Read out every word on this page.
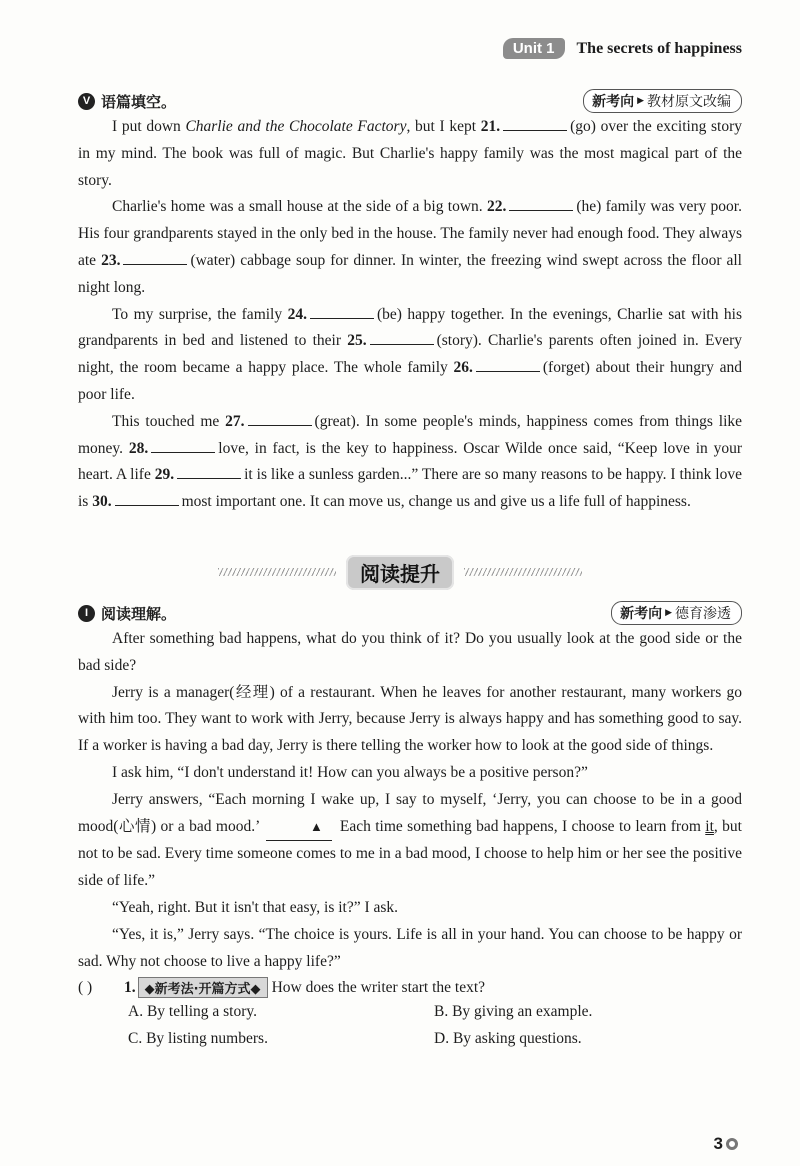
Unit 1	The secrets of happiness
V 语篇填空。	新考向 ▶ 教材原文改编

I put down Charlie and the Chocolate Factory, but I kept 21.	(go) over the exciting story in my mind. The book was full of magic. But Charlie's happy family was the most magical part of the story.

Charlie's home was a small house at the side of a big town. 22.	(he) family was very poor. His four grandparents stayed in the only bed in the house. The family never had enough food. They always ate 23.	(water) cabbage soup for dinner. In winter, the freezing wind swept across the floor all night long.

To my surprise, the family 24.	(be) happy together. In the evenings, Charlie sat with his grandparents in bed and listened to their 25.	(story). Charlie's parents often joined in. Every night, the room became a happy place. The whole family 26.	(forget) about their hungry and poor life.

This touched me 27.	(great). In some people's minds, happiness comes from things like money. 28.	love, in fact, is the key to happiness. Oscar Wilde once said, “Keep love in your heart. A life 29.	it is like a sunless garden...” There are so many reasons to be happy. I think love is 30.	most important one. It can move us, change us and give us a life full of happiness.

阅读提升
I 阅读理解。	新考向 ▶ 德育渗透

After something bad happens, what do you think of it? Do you usually look at the good side or the bad side?

Jerry is a manager(经理) of a restaurant. When he leaves for another restaurant, many workers go with him too. They want to work with Jerry, because Jerry is always happy and has something good to say. If a worker is having a bad day, Jerry is there telling the worker how to look at the good side of things.

I ask him, “I don't understand it! How can you always be a positive person?”

Jerry answers, “Each morning I wake up, I say to myself, ‘Jerry, you can choose to be in a good mood(心情) or a bad mood.’	▲ Each time something bad happens, I choose to learn from it, but not to be sad. Every time someone comes to me in a bad mood, I choose to help him or her see the positive side of life.”

“Yeah, right. But it isn't that easy, is it?” I ask.

“Yes, it is,” Jerry says. “The choice is yours. Life is all in your hand. You can choose to be happy or sad. Why not choose to live a happy life?”

( )	1. ◆新考法·开篇方式◆ How does the writer start the text?
A. By telling a story.	B. By giving an example.
C. By listing numbers.	D. By asking questions.
3
